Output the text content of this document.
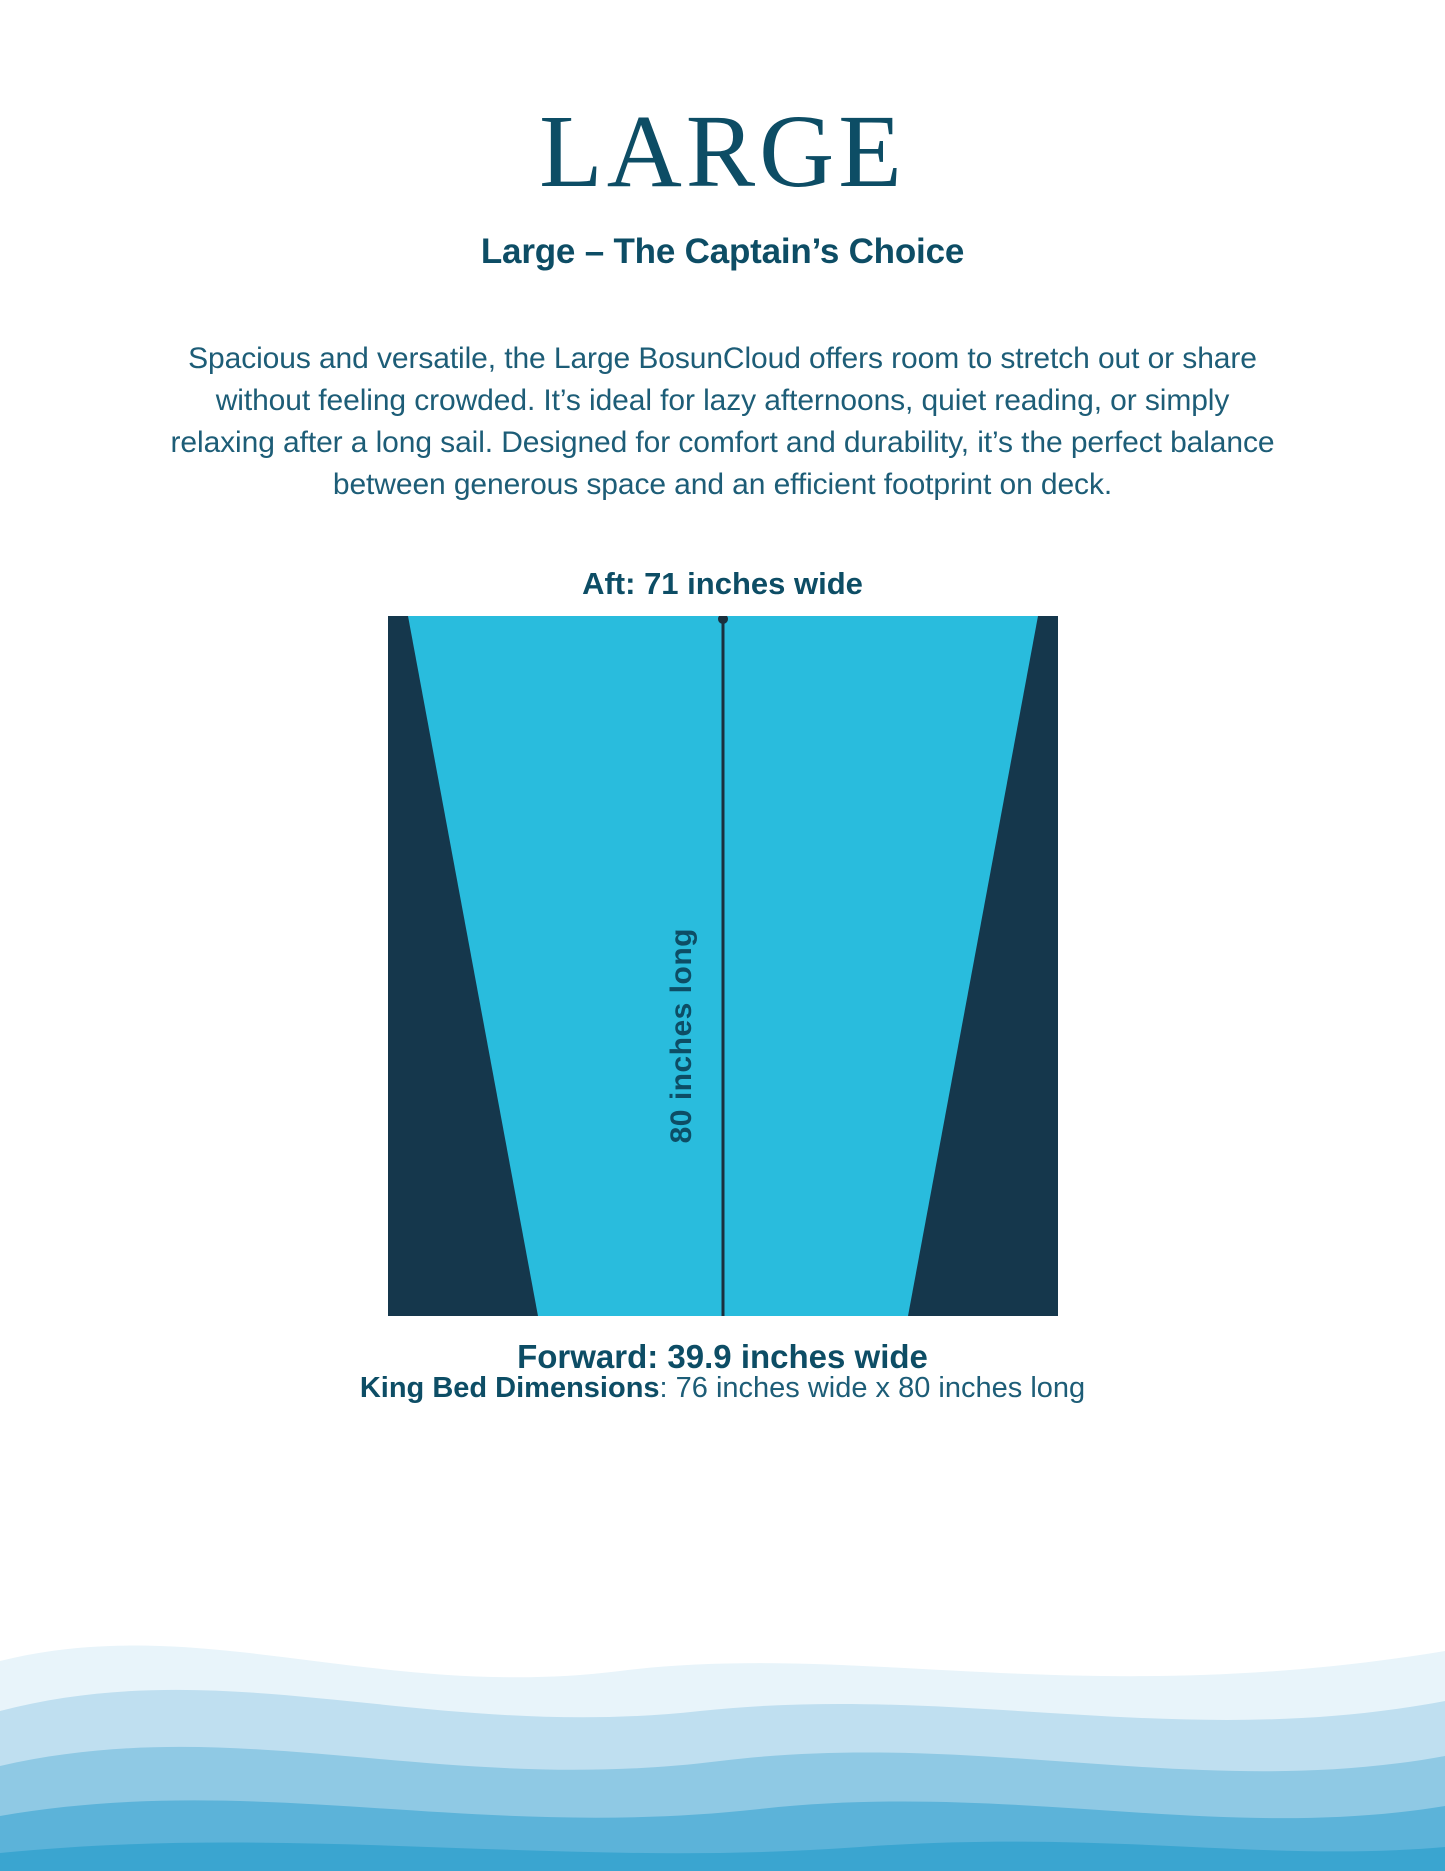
LARGE
Large – The Captain’s Choice

Spacious and versatile, the Large BosunCloud offers room to stretch out or share without feeling crowded. It’s ideal for lazy afternoons, quiet reading, or simply relaxing after a long sail. Designed for comfort and durability, it’s the perfect balance between generous space and an efficient footprint on deck.

Aft: 71 inches wide

80 inches long

Forward: 39.9 inches wide

King Bed Dimensions: 76 inches wide x 80 inches long
